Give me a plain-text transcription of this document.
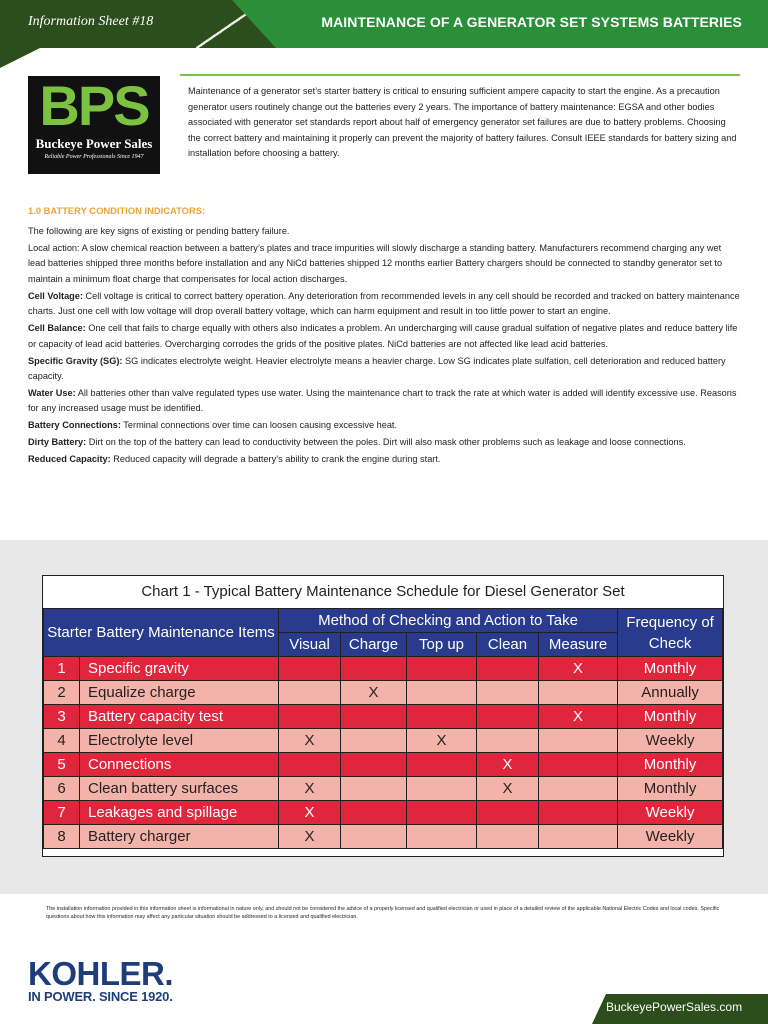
Information Sheet #18	MAINTENANCE OF A GENERATOR SET SYSTEMS BATTERIES
BPS
Buckeye Power Sales
Reliable Power Professionals Since 1947

Maintenance of a generator set’s starter battery is critical to ensuring sufficient ampere capacity to start the engine. As a precaution generator users routinely change out the batteries every 2 years. The importance of battery maintenance: EGSA and other bodies associated with generator set standards report about half of emergency generator set failures are due to battery problems. Choosing the correct battery and maintaining it properly can prevent the majority of battery failures. Consult IEEE standards for battery sizing and installation before choosing a battery.

1.0 BATTERY CONDITION INDICATORS:

The following are key signs of existing or pending battery failure.

Local action: A slow chemical reaction between a battery’s plates and trace impurities will slowly discharge a standing battery. Manufacturers recommend charging any wet lead batteries shipped three months before installation and any NiCd batteries shipped 12 months earlier Battery chargers should be connected to standby generator set to maintain a minimum float charge that compensates for local action discharges.

Cell Voltage: Cell voltage is critical to correct battery operation. Any deterioration from recommended levels in any cell should be recorded and tracked on battery maintenance charts. Just one cell with low voltage will drop overall battery voltage, which can harm equipment and result in too little power to start an engine.

Cell Balance: One cell that fails to charge equally with others also indicates a problem. An undercharging will cause gradual sulfation of negative plates and reduce battery life or capacity of lead acid batteries. Overcharging corrodes the grids of the positive plates. NiCd batteries are not affected like lead acid batteries.

Specific Gravity (SG): SG indicates electrolyte weight. Heavier electrolyte means a heavier charge. Low SG indicates plate sulfation, cell deterioration and reduced battery capacity.

Water Use: All batteries other than valve regulated types use water. Using the maintenance chart to track the rate at which water is added will identify excessive use. Reasons for any increased usage must be identified.

Battery Connections: Terminal connections over time can loosen causing excessive heat.

Dirty Battery: Dirt on the top of the battery can lead to conductivity between the poles. Dirt will also mask other problems such as leakage and loose connections.

Reduced Capacity: Reduced capacity will degrade a battery’s ability to crank the engine during start.

Chart 1 - Typical Battery Maintenance Schedule for Diesel Generator Set
Starter Battery Maintenance Items		Method of Checking and Action to Take					Frequency of Check
		Visual	Charge	Top up	Clean	Measure	
1	Specific gravity					X	Monthly
2	Equalize charge		X				Annually
3	Battery capacity test					X	Monthly
4	Electrolyte level	X		X			Weekly
5	Connections				X		Monthly
6	Clean battery surfaces	X			X		Monthly
7	Leakages and spillage	X					Weekly
8	Battery charger	X					Weekly

The installation information provided in this information sheet is informational in nature only, and should not be considered the advice of a properly licensed and qualified electrician or used in place of a detailed review of the applicable National Electric Codes and local codes. Specific questions about how this information may affect any particular situation should be addressed to a licensed and qualified electrician.

KOHLER.
IN POWER. SINCE 1920.
BuckeyePowerSales.com
